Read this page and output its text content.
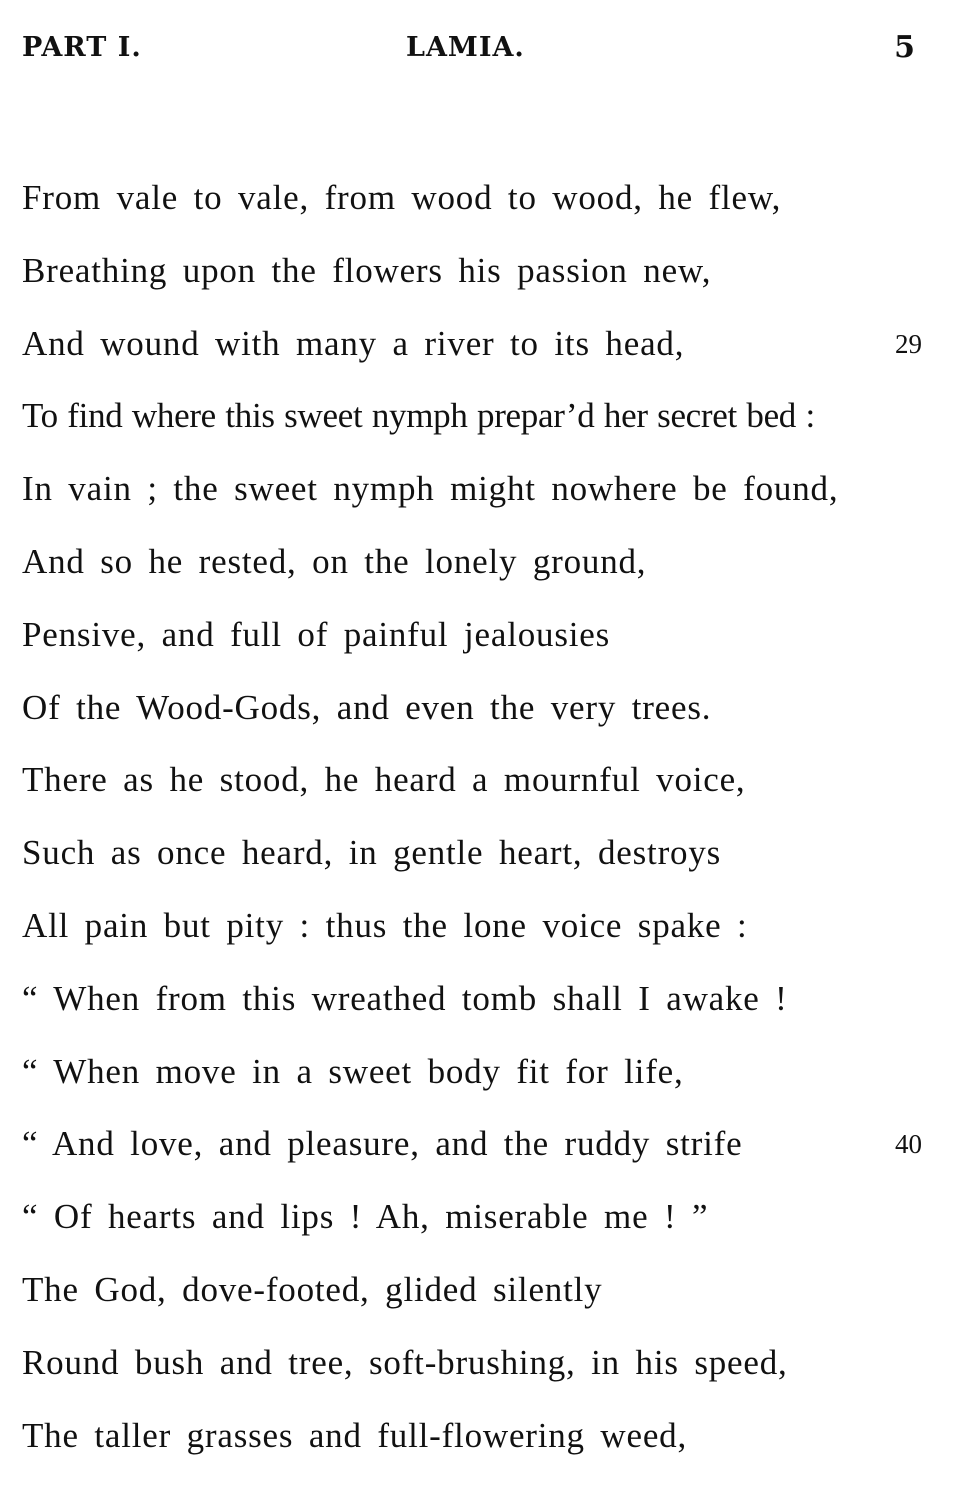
PART I.	LAMIA.	5
From vale to vale, from wood to wood, he flew,
Breathing upon the flowers his passion new,
And wound with many a river to its head,	29
To find where this sweet nymph prepar’d her secret bed :
In vain ; the sweet nymph might nowhere be found,
And so he rested, on the lonely ground,
Pensive, and full of painful jealousies
Of the Wood-Gods, and even the very trees.
There as he stood, he heard a mournful voice,
Such as once heard, in gentle heart, destroys
All pain but pity : thus the lone voice spake :
“ When from this wreathed tomb shall I awake !
“ When move in a sweet body fit for life,
“ And love, and pleasure, and the ruddy strife	40
“ Of hearts and lips ! Ah, miserable me ! ”
The God, dove-footed, glided silently
Round bush and tree, soft-brushing, in his speed,
The taller grasses and full-flowering weed,
